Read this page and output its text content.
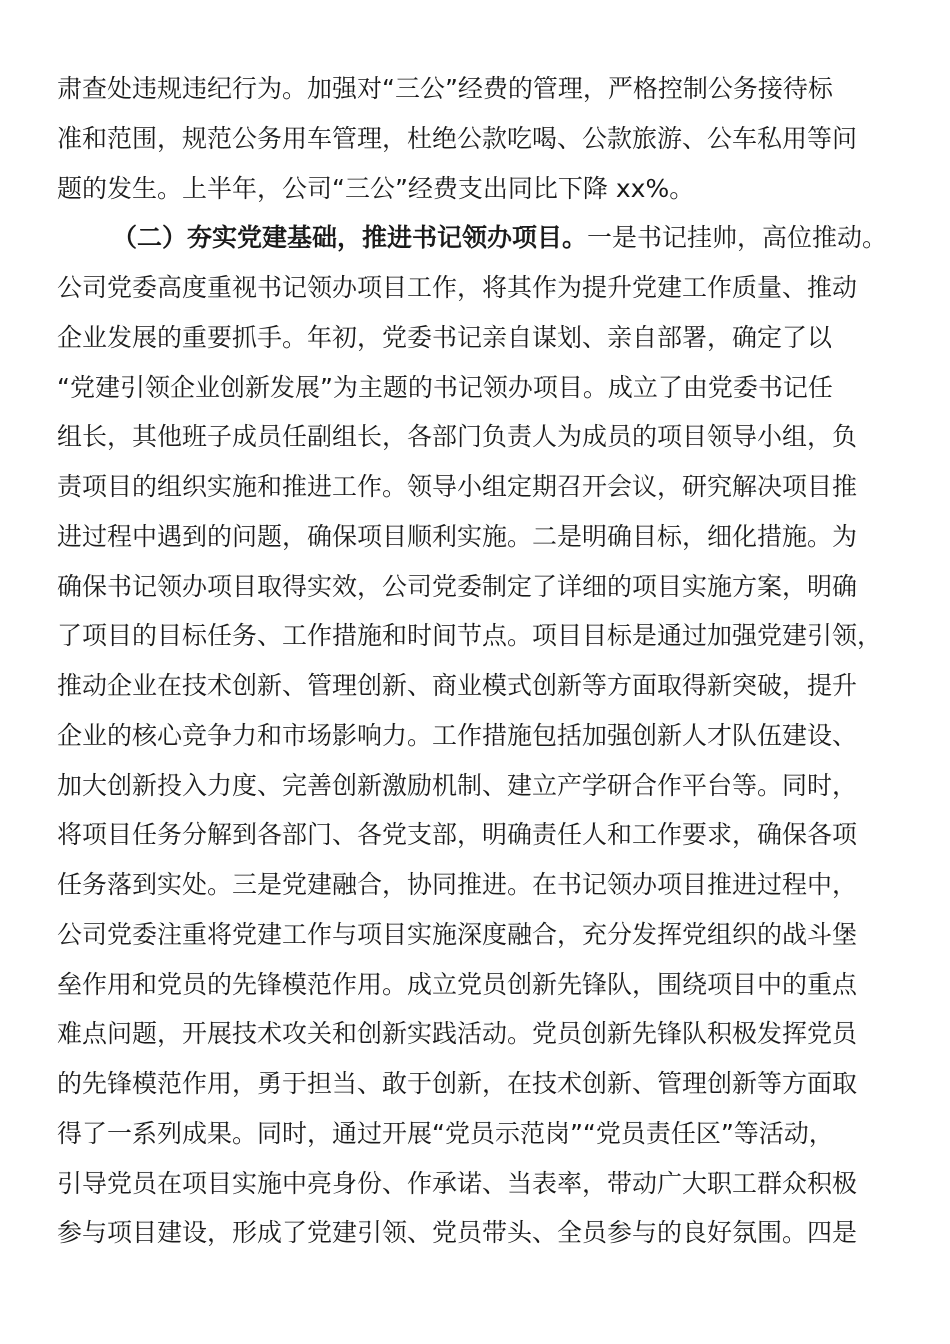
肃查处违规违纪行为。加强对“三公”经费的管理，严格控制公务接待标
准和范围，规范公务用车管理，杜绝公款吃喝、公款旅游、公车私用等问
题的发生。上半年，公司“三公”经费支出同比下降 xx%。
（二）夯实党建基础，推进书记领办项目。一是书记挂帅，高位推动。
公司党委高度重视书记领办项目工作，将其作为提升党建工作质量、推动
企业发展的重要抓手。年初，党委书记亲自谋划、亲自部署，确定了以
“党建引领企业创新发展”为主题的书记领办项目。成立了由党委书记任
组长，其他班子成员任副组长，各部门负责人为成员的项目领导小组，负
责项目的组织实施和推进工作。领导小组定期召开会议，研究解决项目推
进过程中遇到的问题，确保项目顺利实施。二是明确目标，细化措施。为
确保书记领办项目取得实效，公司党委制定了详细的项目实施方案，明确
了项目的目标任务、工作措施和时间节点。项目目标是通过加强党建引领，
推动企业在技术创新、管理创新、商业模式创新等方面取得新突破，提升
企业的核心竞争力和市场影响力。工作措施包括加强创新人才队伍建设、
加大创新投入力度、完善创新激励机制、建立产学研合作平台等。同时，
将项目任务分解到各部门、各党支部，明确责任人和工作要求，确保各项
任务落到实处。三是党建融合，协同推进。在书记领办项目推进过程中，
公司党委注重将党建工作与项目实施深度融合，充分发挥党组织的战斗堡
垒作用和党员的先锋模范作用。成立党员创新先锋队，围绕项目中的重点
难点问题，开展技术攻关和创新实践活动。党员创新先锋队积极发挥党员
的先锋模范作用，勇于担当、敢于创新，在技术创新、管理创新等方面取
得了一系列成果。同时，通过开展“党员示范岗”“党员责任区”等活动，
引导党员在项目实施中亮身份、作承诺、当表率，带动广大职工群众积极
参与项目建设，形成了党建引领、党员带头、全员参与的良好氛围。四是
